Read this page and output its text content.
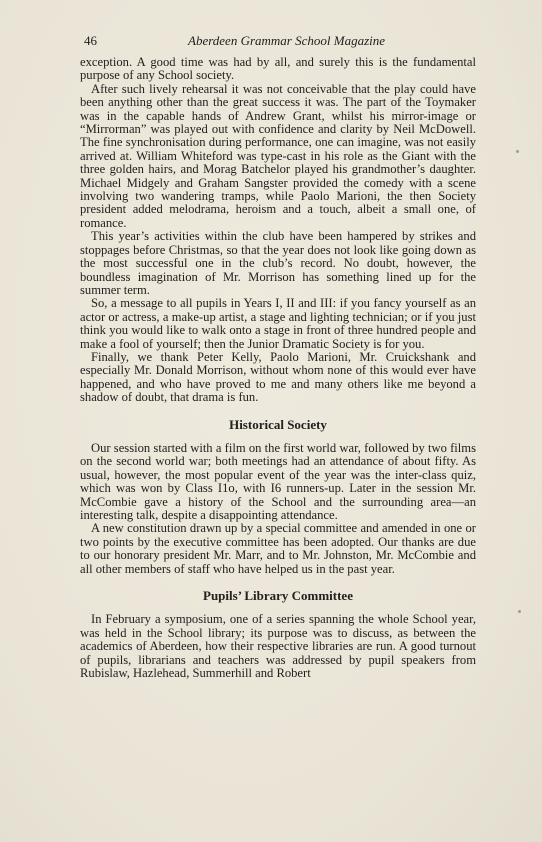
46	Aberdeen Grammar School Magazine

exception. A good time was had by all, and surely this is the fundamental purpose of any School society.

After such lively rehearsal it was not conceivable that the play could have been anything other than the great success it was. The part of the Toymaker was in the capable hands of Andrew Grant, whilst his mirror-image or “Mirrorman” was played out with confidence and clarity by Neil McDowell. The fine synchronisation during performance, one can imagine, was not easily arrived at. William Whiteford was type-cast in his role as the Giant with the three golden hairs, and Morag Batchelor played his grandmother’s daughter. Michael Midgely and Graham Sangster provided the comedy with a scene involving two wandering tramps, while Paolo Marioni, the then Society president added melodrama, heroism and a touch, albeit a small one, of romance.

This year’s activities within the club have been hampered by strikes and stoppages before Christmas, so that the year does not look like going down as the most successful one in the club’s record. No doubt, however, the boundless imagination of Mr. Morrison has something lined up for the summer term.

So, a message to all pupils in Years I, II and III: if you fancy yourself as an actor or actress, a make-up artist, a stage and lighting technician; or if you just think you would like to walk onto a stage in front of three hundred people and make a fool of yourself; then the Junior Dramatic Society is for you.

Finally, we thank Peter Kelly, Paolo Marioni, Mr. Cruickshank and especially Mr. Donald Morrison, without whom none of this would ever have happened, and who have proved to me and many others like me beyond a shadow of doubt, that drama is fun.

Historical Society

Our session started with a film on the first world war, followed by two films on the second world war; both meetings had an attendance of about fifty. As usual, however, the most popular event of the year was the inter-class quiz, which was won by Class I1o, with I6 runners-up. Later in the session Mr. McCombie gave a history of the School and the surrounding area—an interesting talk, despite a disappointing attendance.

A new constitution drawn up by a special committee and amended in one or two points by the executive committee has been adopted. Our thanks are due to our honorary president Mr. Marr, and to Mr. Johnston, Mr. McCombie and all other members of staff who have helped us in the past year.

Pupils’ Library Committee

In February a symposium, one of a series spanning the whole School year, was held in the School library; its purpose was to discuss, as between the academics of Aberdeen, how their respective libraries are run. A good turnout of pupils, librarians and teachers was addressed by pupil speakers from Rubislaw, Hazlehead, Summerhill and Robert
